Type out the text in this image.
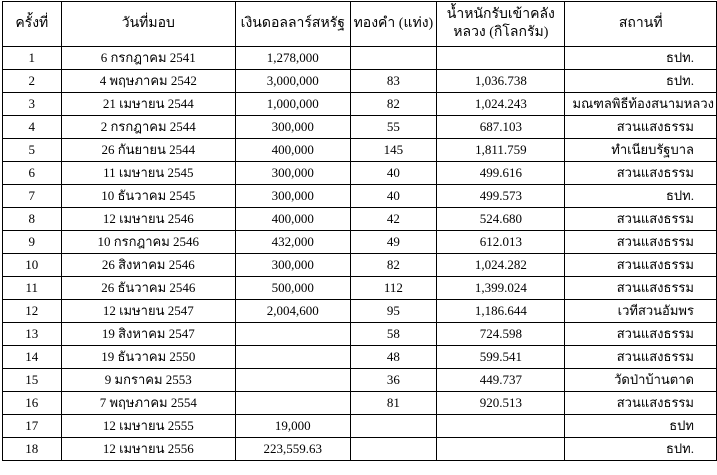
ครั้งที่	วันที่มอบ	เงินดอลลาร์สหรัฐ	ทองคำ (แท่ง)	น้ำหนักรับเข้าคลัง
หลวง (กิโลกรัม)	สถานที่
1	6 กรกฎาคม 2541	1,278,000			ธปท.
2	4 พฤษภาคม 2542	3,000,000	83	1,036.738	ธปท.
3	21 เมษายน 2544	1,000,000	82	1,024.243	มณฑลพิธีท้องสนามหลวง
4	2 กรกฎาคม 2544	300,000	55	687.103	สวนแสงธรรม
5	26 กันยายน 2544	400,000	145	1,811.759	ทำเนียบรัฐบาล
6	11 เมษายน 2545	300,000	40	499.616	สวนแสงธรรม
7	10 ธันวาคม 2545	300,000	40	499.573	ธปท.
8	12 เมษายน 2546	400,000	42	524.680	สวนแสงธรรม
9	10 กรกฎาคม 2546	432,000	49	612.013	สวนแสงธรรม
10	26 สิงหาคม 2546	300,000	82	1,024.282	สวนแสงธรรม
11	26 ธันวาคม 2546	500,000	112	1,399.024	สวนแสงธรรม
12	12 เมษายน 2547	2,004,600	95	1,186.644	เวทีสวนอัมพร
13	19 สิงหาคม 2547		58	724.598	สวนแสงธรรม
14	19 ธันวาคม 2550		48	599.541	สวนแสงธรรม
15	9 มกราคม 2553		36	449.737	วัดป่าบ้านตาด
16	7 พฤษภาคม 2554		81	920.513	สวนแสงธรรม
17	12 เมษายน 2555	19,000			ธปท
18	12 เมษายน 2556	223,559.63			ธปท.
